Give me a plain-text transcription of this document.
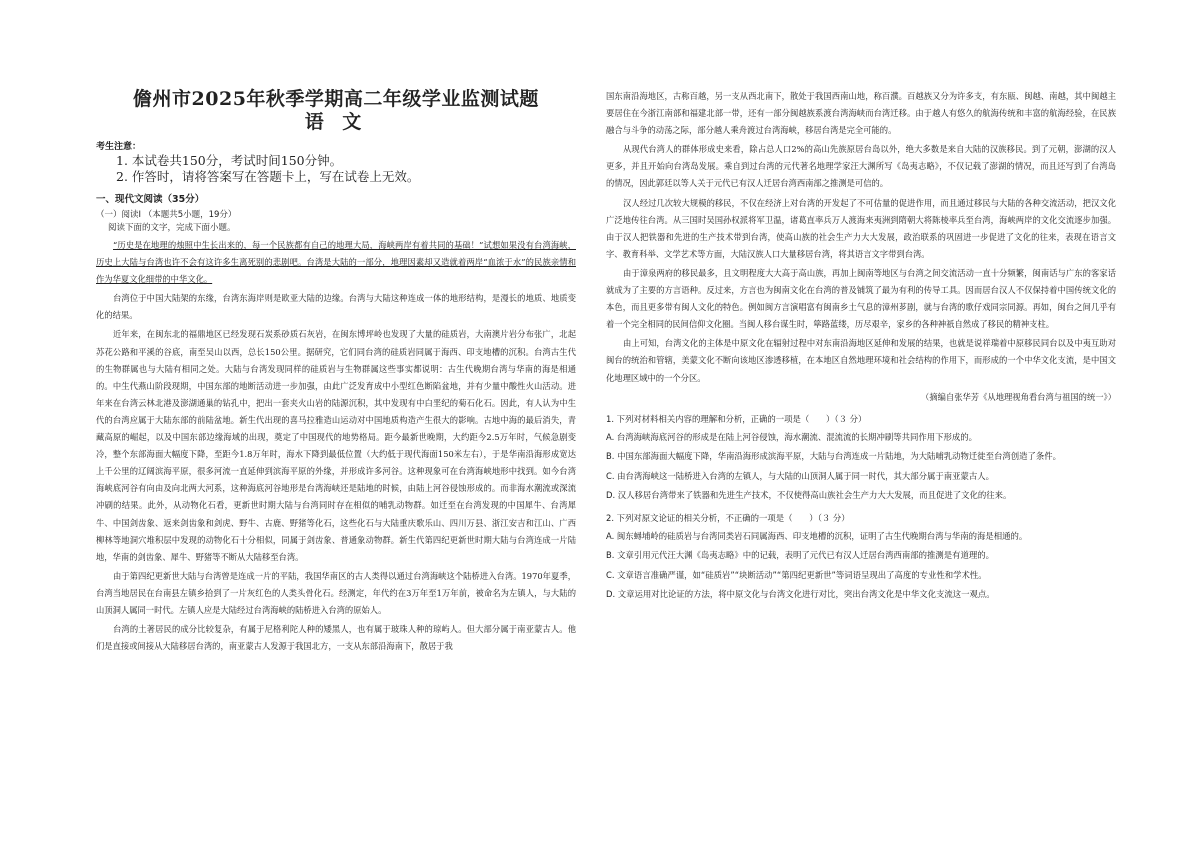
儋州市2025年秋季学期高二年级学业监测试题
语 文
考生注意：
1. 本试卷共150分，考试时间150分钟。
2. 作答时，请将答案写在答题卡上，写在试卷上无效。
一、现代文阅读（35分）
（一）阅读Ⅰ （本题共5小题，19分）
阅读下面的文字，完成下面小题。

“历史是在地理的烛照中生长出来的，每一个民族都有自己的地理大局，海峡两岸有着共同的基础！”试想如果没有台湾海峡，历史上大陆与台湾也许不会有这许多生离死别的悲剧吧。台湾是大陆的一部分，地理因素却又造就着两岸“血浓于水”的民族亲情和作为华夏文化细带的中华文化。

台湾位于中国大陆架的东缘，台湾东海岸则是欧亚大陆的边缘。台湾与大陆这种连成一体的地形结构，是漫长的地质、地质变化的结果。

近年来，在闽东北的福鼎地区已经发现石炭系砂质石灰岩，在闽东博坪岭也发现了大量的硅质岩，大南澳片岩分布张广，北起苏花公路和平溪的谷底，南至吴山以西，总长150公里。据研究，它们同台湾的硅质岩同属于海西、印支地槽的沉积。台湾古生代的生物群属也与大陆有相同之处。大陆与台湾发现同样的硅质岩与生物群属这些事实都说明：古生代晚期台湾与华南的海是相通的。中生代燕山阶段现期，中国东部的地断活动进一步加强，由此广泛发育成中小型红色断陷盆地，并有少量中酸性火山活动。进年来在台湾云林北港及澎湖通巢的钻孔中，把出一套夹火山岩的陆源沉积，其中发现有中白垩纪的菊石化石。因此，有人认为中生代的台湾应属于大陆东部的前陆盆地。新生代出现的喜马拉雅造山运动对中国地质构造产生很大的影响。古地中海的最后消失，青藏高原的崛起，以及中国东部边缘海域的出现，奠定了中国现代的地势格局。距今最新世晚期，大约距今2.5万年时，气候急剧变冷，整个东部海面大幅度下降，至距今1.8万年时，海水下降到最低位置（大约低于现代海面150米左右），于是华南沿海形成宽达上千公里的辽阔滨海平原，很多河流一直延伸到滨海平原的外缘，并形成许多河谷。这种现象可在台湾海峡地形中找到。如今台湾海峡底河谷有向由及向北两大河系，这种海底河谷地形是台湾海峡还是陆地的时候，由陆上河谷侵蚀形成的。而非海水潮流或深流冲刷的结果。此外，从动物化石看，更新世时期大陆与台湾同时存在相似的哺乳动物群。如迁至在台湾发现的中国犀牛、台湾犀牛、中国剑齿象、返来剑齿象和剑虎、野牛、古鹿、野猪等化石，这些化石与大陆重庆歌乐山、四川万县、浙江安吉和江山、广西柳林等地洞穴堆积层中发现的动物化石十分相似，同属于剑齿象、普通象动物群。新生代第四纪更新世时期大陆与台湾连成一片陆地，华南的剑齿象、犀牛、野猪等不断从大陆移至台湾。

由于第四纪更新世大陆与台湾曾是连成一片的平陆，我国华南区的古人类得以通过台湾海峡这个陆桥进入台湾。1970年夏季，台湾当地居民在台南县左镇乡拾到了一片灰红色的人类头骨化石。经测定，年代约在3万年至1万年前，被命名为左镇人，与大陆的山顶洞人属同一时代。左镇人应是大陆经过台湾海峡的陆桥进入台湾的原始人。

台湾的土著居民的成分比较复杂，有属于尼格利陀人种的矮黑人，也有属于玻珠人种的琼屿人。但大部分属于南亚蒙古人。他们是直接或间接从大陆移居台湾的，南亚蒙古人发源于我国北方，一支从东部沿海南下，散居于我

国东南沿海地区，古称百越，另一支从西北南下，散处于我国西南山地，称百濮。百越族又分为许多支，有东瓯、闽越、南越，其中闽越主要居住在今浙江南部和福建北部一带，还有一部分闽越族系渡台湾海峡而台湾迁移。由于越人有悠久的航海传统和丰富的航海经验，在民族融合与斗争的动荡之际，部分越人乘舟渡过台湾海峡，移居台湾是完全可能的。

从现代台湾人的群体形成史来看，除占总人口2%的高山先族原居台岛以外，绝大多数是来自大陆的汉族移民。到了元朝，澎湖的汉人更多，并且开始向台湾岛发展。乘自到过台湾的元代著名地理学家汪大渊所写《岛夷志略》，不仅记载了澎湖的情况，而且还写到了台湾岛的情况，因此郭廷以等人关于元代已有汉人迁居台湾西南部之推测是可信的。

汉人经过几次较大规模的移民，不仅在经济上对台湾的开发起了不可估量的促进作用，而且通过移民与大陆的各种交流活动，把汉文化广泛地传往台湾。从三国时吴国孙权派将军卫温，诸葛直率兵万人渡海来夷洲到隋朝大将陈棱率兵至台湾，海峡两岸的文化交流逐步加强。由于汉人把铁器和先进的生产技术带到台湾，使高山族的社会生产力大大发展，政治联系的巩固进一步促进了文化的往来，表现在语言文字、教育科举、文学艺术等方面，大陆汉族人口大量移居台湾，将其语言文字带到台湾。

由于漳泉两府的移民最多，且文明程度大大高于高山族，再加上闽南等地区与台湾之间交流活动一直十分频繁，闽南话与广东的客家话就成为了主要的方言语种。反过来，方言也为闽南文化在台湾的普及铺筑了最为有利的传导工具。因而居台汉人不仅保持着中国传统文化的本色，而且更多带有闽人文化的特色。例如闽方言演唱富有闽南乡土气息的漳州芗剧，就与台湾的歌仔戏同宗同源。再如，闽台之间几乎有着一个完全相同的民间信仰文化圈。当闽人移台谋生时，筚路蓝缕，历尽艰辛，家乡的各种神祇自然成了移民的精神支柱。

由上可知，台湾文化的主体是中原文化在辐射过程中对东南沿海地区延伸和发展的结果，也就是说祥瑞着中原移民同台以及中夷互助对闽台的统治和管辖，美蒙文化不断向该地区渗透移植，在本地区自然地理环境和社会结构的作用下，而形成的一个中华文化支流，是中国文化地理区域中的一个分区。

（摘编自张华芳《从地理视角看台湾与祖国的统一》）
1. 下列对材料相关内容的理解和分析，正确的一项是（　　）（３ 分）
A. 台湾海峡海底河谷的形成是在陆上河谷侵蚀，海水潮流、混流流的长期冲刷等共同作用下形成的。
B. 中国东部海面大幅度下降，华南沿海形成滨海平原，大陆与台湾连成一片陆地，为大陆哺乳动物迁徙至台湾创造了条件。
C. 由台湾海峡这一陆桥进入台湾的左镇人，与大陆的山顶洞人属于同一时代，其大部分属于南亚蒙古人。
D. 汉人移居台湾带来了铁器和先进生产技术，不仅使得高山族社会生产力大大发展，而且促进了文化的往来。
2. 下列对原文论证的相关分析，不正确的一项是（　　）（３ 分）
A. 闽东蟳埔岭的硅质岩与台湾同类岩石同属海西、印支地槽的沉积，证明了古生代晚期台湾与华南的海是相通的。
B. 文章引用元代汪大渊《岛夷志略》中的记载，表明了元代已有汉人迁居台湾西南部的推测是有道理的。
C. 文章语言准确严谨，如“硅质岩”“块断活动”“第四纪更新世”等词语呈现出了高度的专业性和学术性。
D. 文章运用对比论证的方法，将中原文化与台湾文化进行对比，突出台湾文化是中华文化支流这一观点。
